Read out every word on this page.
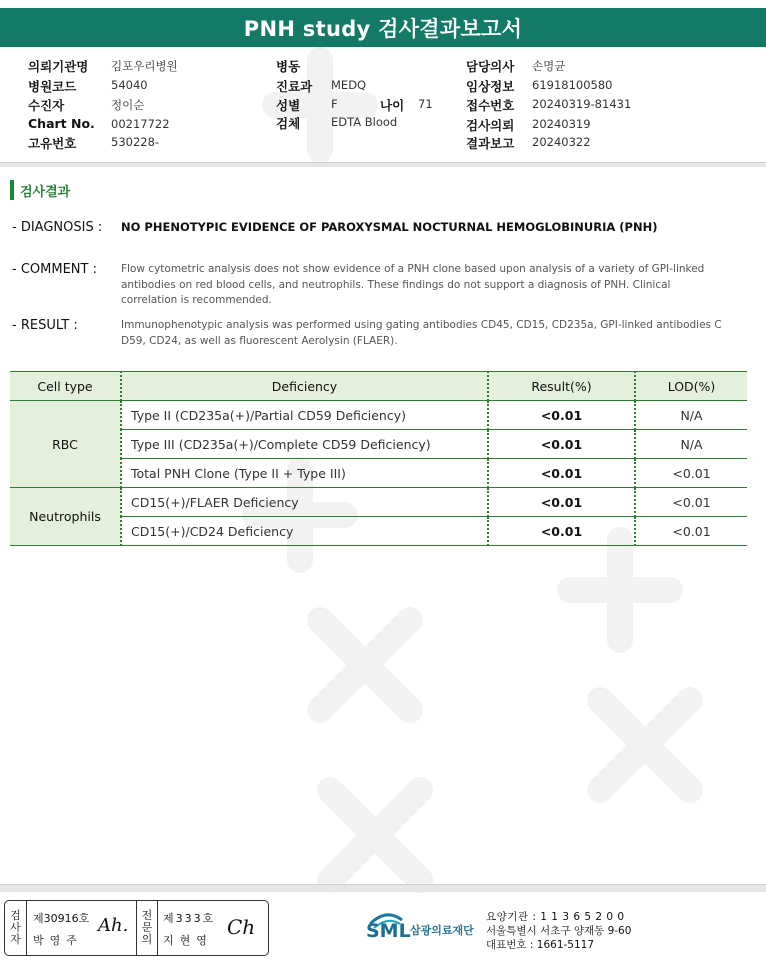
PNH study 검사결과보고서
의뢰기관명 김포우리병원
병원코드	54040
수진자	정이순
Chart No. 00217722
고유번호	530228-
병동
진료과 MEDQ
성별	F
검체	EDTA Blood
나이 71
담당의사 손명균
임상정보 61918100580
접수번호 20240319-81431
검사의뢰 20240319
결과보고 20240322
검사결과
- DIAGNOSIS : NO PHENOTYPIC EVIDENCE OF PAROXYSMAL NOCTURNAL HEMOGLOBINURIA (PNH)
- COMMENT : Flow cytometric analysis does not show evidence of a PNH clone based upon analysis of a variety of GPI-linked
antibodies on red blood cells, and neutrophils. These findings do not support a diagnosis of PNH. Clinical
correlation is recommended.
- RESULT :	Immunophenotypic analysis was performed using gating antibodies CD45, CD15, CD235a, GPI-linked antibodies C
D59, CD24, as well as fluorescent Aerolysin (FLAER).
Cell type	Deficiency	Result(%)	LOD(%)
RBC	Type II (CD235a(+)/Partial CD59 Deficiency)	<0.01	N/A
	Type III (CD235a(+)/Complete CD59 Deficiency)	<0.01	N/A
	Total PNH Clone (Type II + Type III)	<0.01	<0.01
Neutrophils	CD15(+)/FLAER Deficiency	<0.01	<0.01
	CD15(+)/CD24 Deficiency	<0.01	<0.01
검
사
자
제30916호
박영주
Ah. 전
문
의
제333호
지현영
Ch	SML 삼광의료재단
요양기관 : 1 1 3 6 5 2 0 0
서울특별시 서초구 양재동 9-60
대표번호 : 1661-5117
